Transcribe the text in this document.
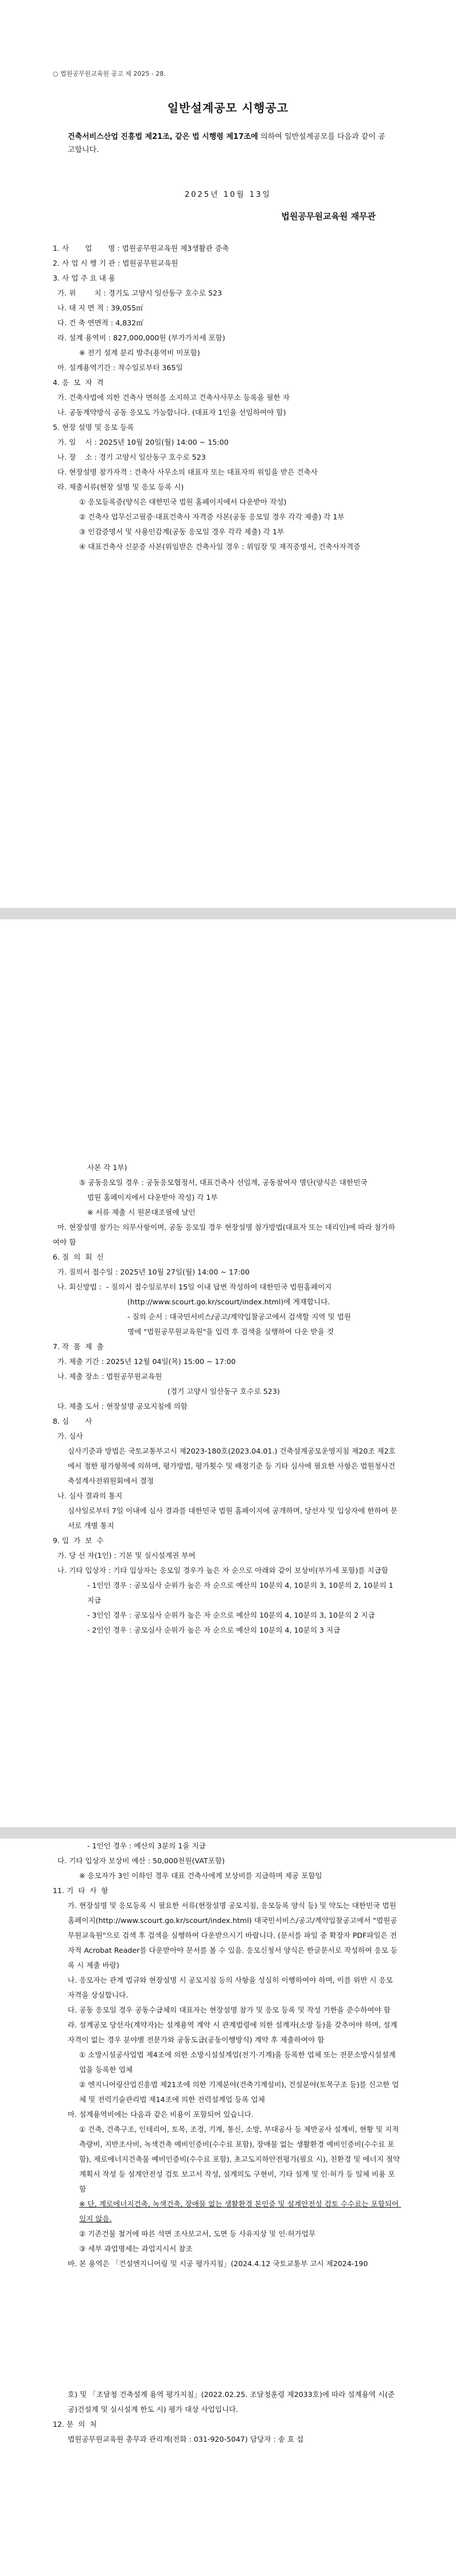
○ 법원공무원교육원 공고 제 2025 - 28.
일반설계공모 시행공고
건축서비스산업 진흥법 제21조, 같은 법 시행령 제17조에 의하여 일반설계공모를 다음과 같이 공고합니다.
2025년 10월 13일
법원공무원교육원 재무관

1. 사       업       명 : 법원공무원교육원 제3생활관 증축

2. 사 업 시 행 기 관 : 법원공무원교육원

3. 사 업 주 요 내 용

가. 위        치 : 경기도 고양시 일산동구 호수로 523

나. 대 지 면 적 : 39,055㎡

다. 건 축 연면적 : 4,832㎡

라. 설계 용역비 : 827,000,000원 (부가가치세 포함)

※ 전기 설계 분리 발주(용역비 미포함)

마. 설계용역기간 : 착수일로부터 365일

4. 응  모  자  격

가. 건축사법에 의한 건축사 면허를 소지하고 건축사사무소 등록을 필한 자

나. 공동계약방식 공동 응모도 가능합니다. (대표자 1인을 선임하여야 함)

5. 현장 설명 및 응모 등록

가. 일    시 : 2025년 10월 20일(월) 14:00 ~ 15:00

나. 장    소 : 경기 고양시 일산동구 호수로 523

다. 현장설명 참가자격 : 건축사 사무소의 대표자 또는 대표자의 위임을 받은 건축사

라. 제출서류(현장 설명 및 응모 등록 시)

① 응모등록증(양식은 대한민국 법원 홈페이지에서 다운받아 작성)

② 건축사 업무신고필증·대표건축사 자격증 사본(공동 응모일 경우 각각 제출) 각 1부

③ 인감증명서 및 사용인감계(공동 응모일 경우 각각 제출) 각 1부

④ 대표건축사 신분증 사본(위임받은 건축사일 경우 : 위임장 및 재직증명서, 건축사자격증

사본 각 1부)

⑤ 공동응모일 경우 : 공동응모협정서, 대표건축사 선임계, 공동참여자 명단(양식은 대한민국

법원 홈페이지에서 다운받아 작성) 각 1부

※ 서류 제출 시 원본대조필에 날인

마. 현장설명 참가는 의무사항이며, 공동 응모일 경우 현장설명 참가방법(대표자 또는 대리인)에 따라 참가하여야 함

6. 질  의  회  신

가. 질의서 접수일 : 2025년 10월 27일(월) 14:00 ~ 17:00

나. 회신방법 :  - 질의서 접수일로부터 15일 이내 답변 작성하여 대한민국 법원홈페이지

(http://www.scourt.go.kr/scourt/index.html)에 게재합니다.

- 질의 순서 : 대국민서비스/공고/계약입찰공고에서 검색할 지역 및 법원

명에 "법원공무원교육원"을 입력 후 검색을 실행하여 다운 받을 것

7. 작  품  제  출

가. 제출 기간 : 2025년 12월 04일(목) 15:00 ~ 17:00

나. 제출 장소 : 법원공무원교육원

(경기 고양시 일산동구 호수로 523)

다. 제출 도서 : 현장설명 공모지침에 의함

8. 심       사

가. 심사

심사기준과 방법은 국토교통부고시 제2023-180호(2023.04.01.) 건축설계공모운영지침 제20조 제2호에서 정한 평가항목에 의하며, 평가방법, 평가횟수 및 배점기준 등 기타 심사에 필요한 사항은 법원청사건축설계사전위원회에서 결정

나. 심사 결과의 통지

심사일로부터 7일 이내에 심사 결과를 대한민국 법원 홈페이지에 공개하며, 당선자 및 입상자에 한하여 문서로 개별 통지

9. 입  가  보  수

가. 당 선 자(1인) : 기본 및 실시설계권 부여

나. 기타 입상자 : 기타 입상자는 응모일 경우가 높은 자 순으로 아래와 같이 보상비(부가세 포함)를 지급함

- 1인인 경우 : 공모심사 순위가 높은 자 순으로 예산의 10분의 4, 10분의 3, 10분의 2, 10분의 1 지급

- 3인인 경우 : 공모심사 순위가 높은 자 순으로 예산의 10분의 4, 10분의 3, 10분의 2 지급

- 2인인 경우 : 공모심사 순위가 높은 자 순으로 예산의 10분의 4, 10분의 3 지급

- 1인인 경우 : 예산의 3분의 1을 지급

다. 기타 입상자 보상비 예산 : 50,000천원(VAT포함)

※ 응모자가 3인 이하인 경우 대표 건축사에게 보상비를 지급하며 제공 포함임

11. 기  타  사  항

가. 현장설명 및 응모등록 시 필요한 서류(현장설명 공모지침, 응모등록 양식 등) 및 약도는 대한민국 법원 홈페이지(http://www.scourt.go.kr/scourt/index.html) 대국민서비스/공고/계약입찰공고에서 "법원공무원교육원"으로 검색 후 검색을 실행하여 다운받으시기 바랍니다. (문서를 파일 중 확장자 PDF파일은 전자적 Acrobat Reader를 다운받아야 문서를 볼 수 있음. 응모신청서 양식은 한글문서로 작성하여 응모 등록 시 제출 바람)

나. 응모자는 관계 법규와 현장설명 시 공모지침 등의 사항을 성실히 이행하여야 하며, 이를 위반 시 응모 자격을 상실합니다.

다. 공동 응모일 경우 공동수급체의 대표자는 현장설명 참가 및 응모 등록 및 작성 기한을 준수하여야 함

라. 설계공모 당선자(계약자)는 설계용역 계약 시 관계법령에 의한 설계자(소방 등)을 갖추어야 하며, 설계자격이 없는 경우 분야별 전문가와 공동도급(공동이행방식) 계약 후 제출하여야 함

① 소방시설공사업법 제4조에 의한 소방시설설계업(전기·기계)을 등록한 업체 또는 전문소방시설설계업을 등록한 업체

② 엔지니어링산업진흥법 제21조에 의한 기계분야(건축기계설비), 건설분야(토목구조 등)를 신고한 업체 및 전력기술관리법 제14조에 의한 전력설계업 등록 업체

마. 설계용역비에는 다음과 같은 비용이 포함되어 있습니다.

① 건축, 건축구조, 인테리어, 토목, 조경, 기계, 통신, 소방, 부대공사 등 제반공사 설계비, 현황 및 지적 측량비, 지반조사비, 녹색건축 예비인증비(수수료 포함), 장애물 없는 생활환경 예비인증비(수수료 포함), 제로에너지건축물 예비인증비(수수료 포함), 초고도지하안전평가(필요 시), 친환경 및 에너지 절약계획서 작성 등 설계안전성 검토 보고서 작성, 설계의도 구현비, 기타 설계 및 인·허가 등 일체 비용 포함

※ 단, 계로에너지건축, 녹색건축, 장애물 없는 생활환경 본인증 및 설계안전성 검토 수수료는 포함되어 있지 않음.

② 기존건물 철거에 따른 석면 조사보고서, 도면 등 사유지상 및 인·허가업무

③ 세부 과업명세는 과업지시서 참조

바. 본 용역은 「건설엔지니어링 및 시공 평가지침」(2024.4.12 국토교통부 고시 제2024-190

호) 및 「조달청 건축설계 용역 평가지침」(2022.02.25. 조달청훈령 제2033호)에 따라 설계용역 시(준공)건설계 및 실시설계 한도 시) 평가 대상 사업입니다.

12. 문  의  처

법원공무원교육원 총무과 관리계(전화 : 031-920-5047) 담당자 : 송 효 섭
